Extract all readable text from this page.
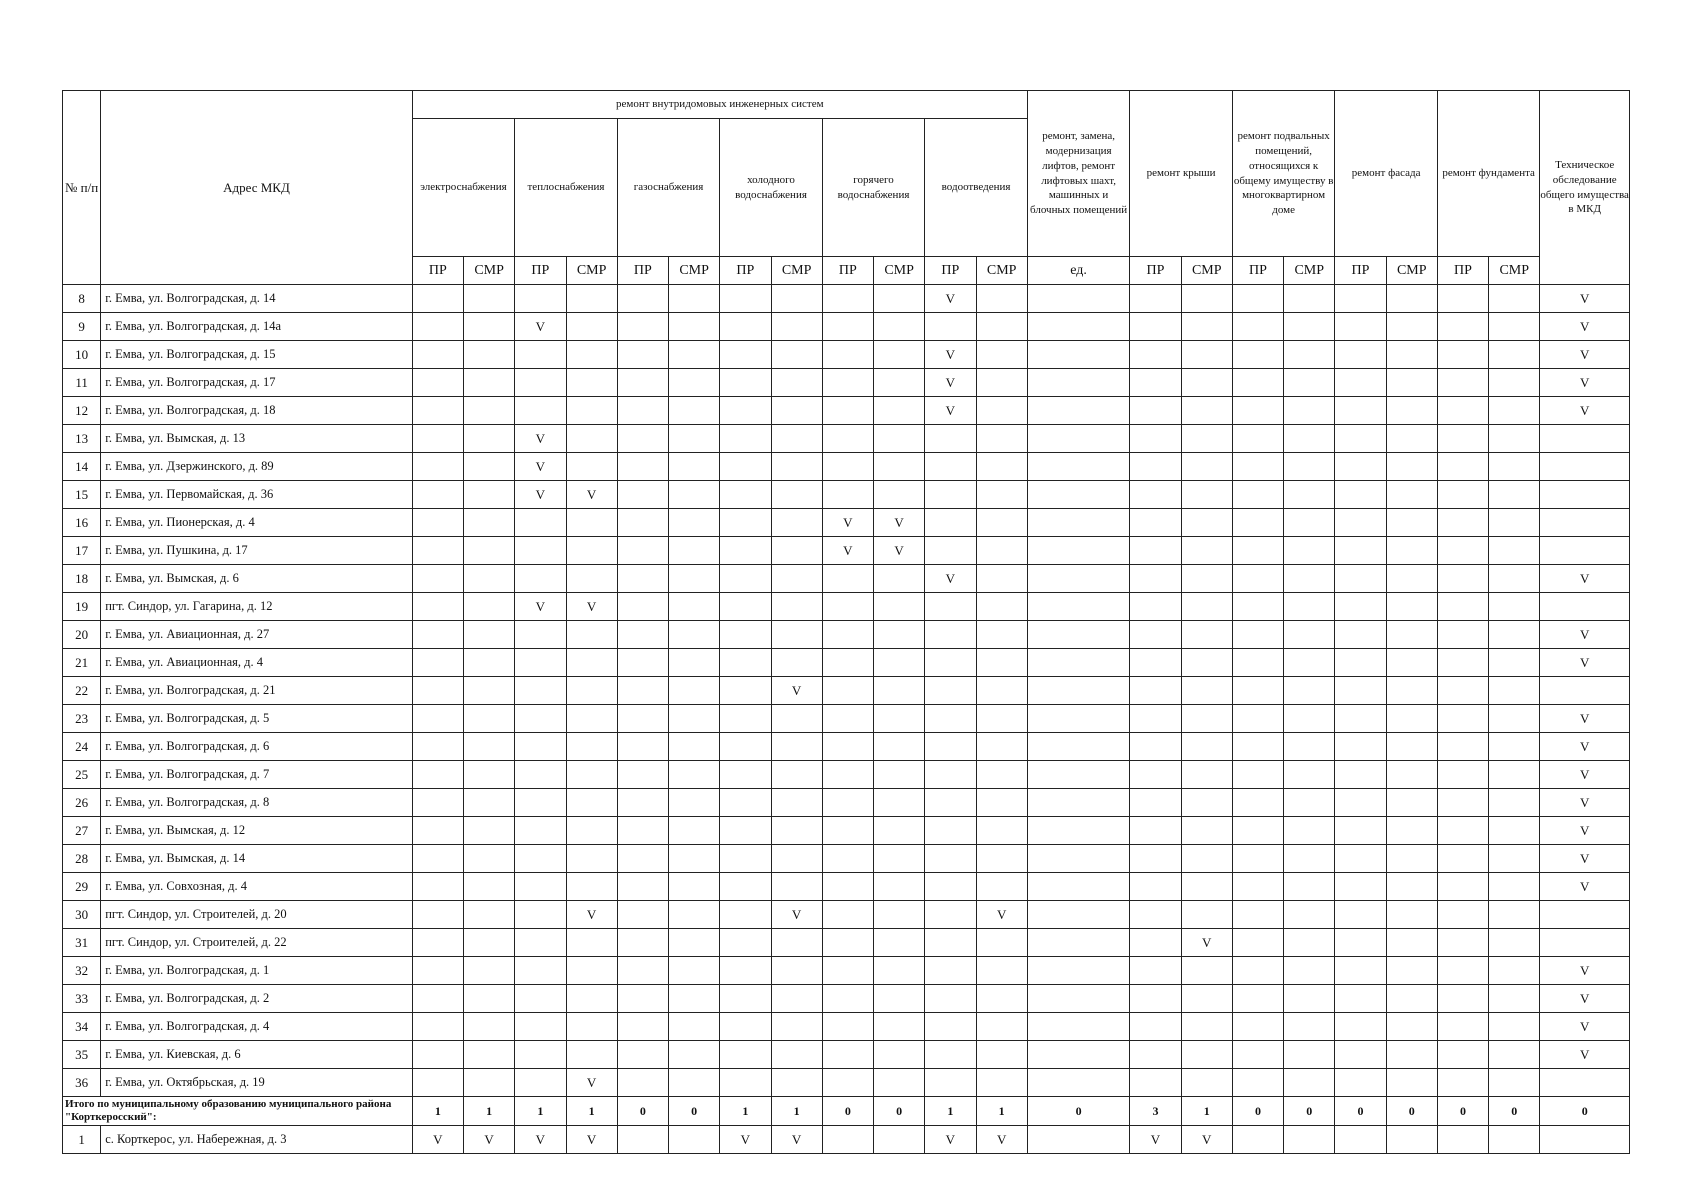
№ п/п	Адрес МКД	ремонт внутридомовых инженерных систем												ремонт, замена, модернизация лифтов, ремонт лифтовых шахт, машинных и блочных помещений	ремонт крыши		ремонт подвальных помещений, относящихся к общему имуществу в многоквартирном доме		ремонт фасада		ремонт фундамента		Техническое обследование общего имущества в МКД
		электроснабжения		теплоснабжения		газоснабжения		холодного водоснабжения		горячего водоснабжения		водоотведения											
		ПР	СМР	ПР	СМР	ПР	СМР	ПР	СМР	ПР	СМР	ПР	СМР	ед.	ПР	СМР	ПР	СМР	ПР	СМР	ПР	СМР	
8	г. Емва, ул. Волгоградская, д. 14											V											V
9	г. Емва, ул. Волгоградская, д. 14а			V																			V
10	г. Емва, ул. Волгоградская, д. 15											V											V
11	г. Емва, ул. Волгоградская, д. 17											V											V
12	г. Емва, ул. Волгоградская, д. 18											V											V
13	г. Емва, ул. Вымская, д. 13			V																			
14	г. Емва, ул. Дзержинского, д. 89			V																			
15	г. Емва, ул. Первомайская, д. 36			V	V																		
16	г. Емва, ул. Пионерская, д. 4									V	V												
17	г. Емва, ул. Пушкина, д. 17									V	V												
18	г. Емва, ул. Вымская, д. 6											V											V
19	пгт. Синдор, ул. Гагарина, д. 12			V	V																		
20	г. Емва, ул. Авиационная, д. 27																						V
21	г. Емва, ул. Авиационная, д. 4																						V
22	г. Емва, ул. Волгоградская, д. 21								V														
23	г. Емва, ул. Волгоградская, д. 5																						V
24	г. Емва, ул. Волгоградская, д. 6																						V
25	г. Емва, ул. Волгоградская, д. 7																						V
26	г. Емва, ул. Волгоградская, д. 8																						V
27	г. Емва, ул. Вымская, д. 12																						V
28	г. Емва, ул. Вымская, д. 14																						V
29	г. Емва, ул. Совхозная, д. 4																						V
30	пгт. Синдор, ул. Строителей, д. 20				V				V				V										
31	пгт. Синдор, ул. Строителей, д. 22															V							
32	г. Емва, ул. Волгоградская, д. 1																						V
33	г. Емва, ул. Волгоградская, д. 2																						V
34	г. Емва, ул. Волгоградская, д. 4																						V
35	г. Емва, ул. Киевская, д. 6																						V
36	г. Емва, ул. Октябрьская, д. 19				V																		
Итого по муниципальному образованию муниципального района "Корткеросский":		1	1	1	1	0	0	1	1	0	0	1	1	0	3	1	0	0	0	0	0	0	0
1	с. Корткерос, ул. Набережная, д. 3	V	V	V	V			V	V			V	V		V	V							
